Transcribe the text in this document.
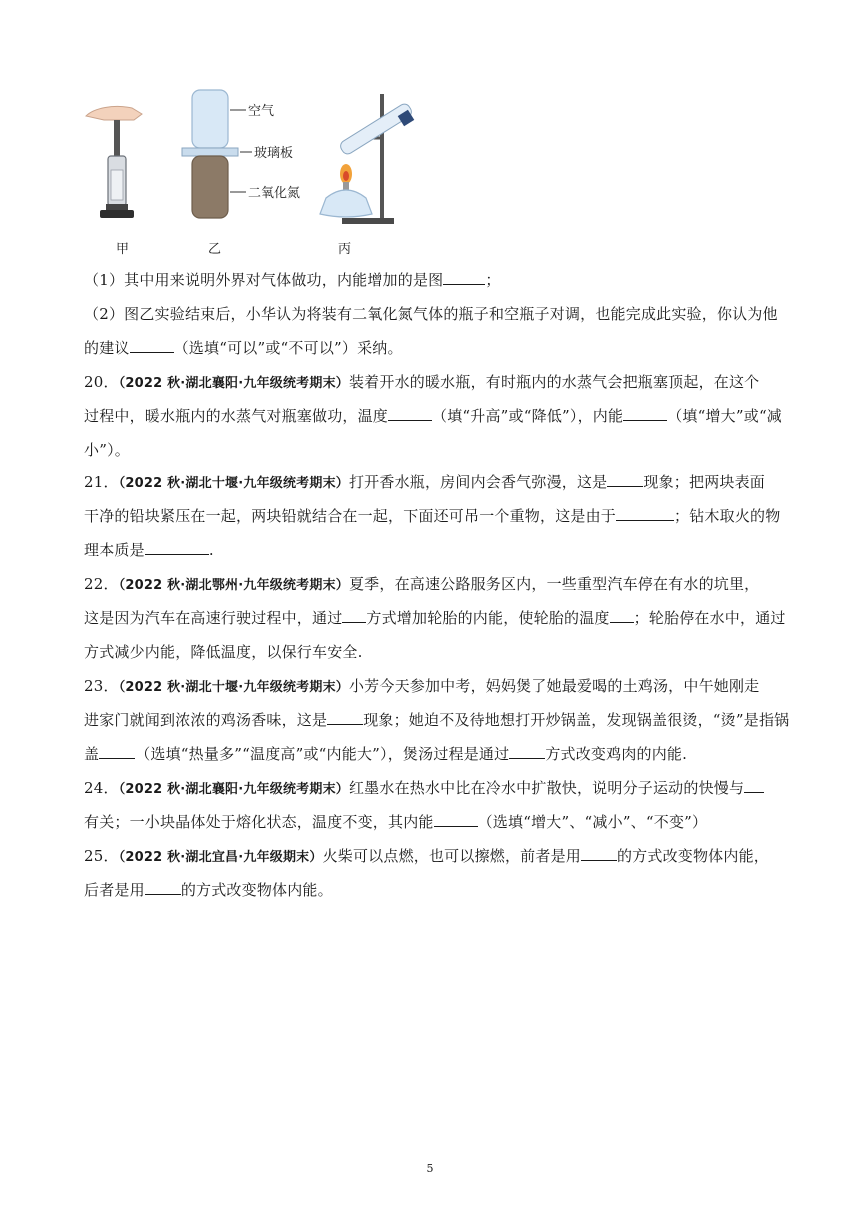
空气
玻璃板
二氧化氮
甲	乙	丙
（1）其中用来说明外界对气体做功，内能增加的是图	；
（2）图乙实验结束后，小华认为将装有二氧化氮气体的瓶子和空瓶子对调，也能完成此实验，你认为他
的建议	（选填“可以”或“不可以”）采纳。
20．（2022 秋·湖北襄阳·九年级统考期末）装着开水的暖水瓶，有时瓶内的水蒸气会把瓶塞顶起，在这个
过程中，暖水瓶内的水蒸气对瓶塞做功，温度	（填“升高”或“降低”），内能	（填“增大”或“减
小”）。
21．（2022 秋·湖北十堰·九年级统考期末）打开香水瓶，房间内会香气弥漫，这是 现象；把两块表面
干净的铅块紧压在一起，两块铅就结合在一起，下面还可吊一个重物，这是由于	；钻木取火的物
理本质是	.
22．（2022 秋·湖北鄂州·九年级统考期末）夏季，在高速公路服务区内，一些重型汽车停在有水的坑里，
这是因为汽车在高速行驶过程中，通过 方式增加轮胎的内能，使轮胎的温度 ；轮胎停在水中，通过
方式减少内能，降低温度，以保行车安全.
23．（2022 秋·湖北十堰·九年级统考期末）小芳今天参加中考，妈妈煲了她最爱喝的土鸡汤，中午她刚走
进家门就闻到浓浓的鸡汤香味，这是 现象；她迫不及待地想打开炒锅盖，发现锅盖很烫，“烫”是指锅
盖 （选填“热量多”“温度高”或“内能大”），煲汤过程是通过 方式改变鸡肉的内能.
24．（2022 秋·湖北襄阳·九年级统考期末）红墨水在热水中比在冷水中扩散快，说明分子运动的快慢与
有关；一小块晶体处于熔化状态，温度不变，其内能	（选填“增大”、“减小”、“不变”）
25．（2022 秋·湖北宜昌·九年级期末）火柴可以点燃，也可以擦燃，前者是用 的方式改变物体内能，
后者是用 的方式改变物体内能。
5
